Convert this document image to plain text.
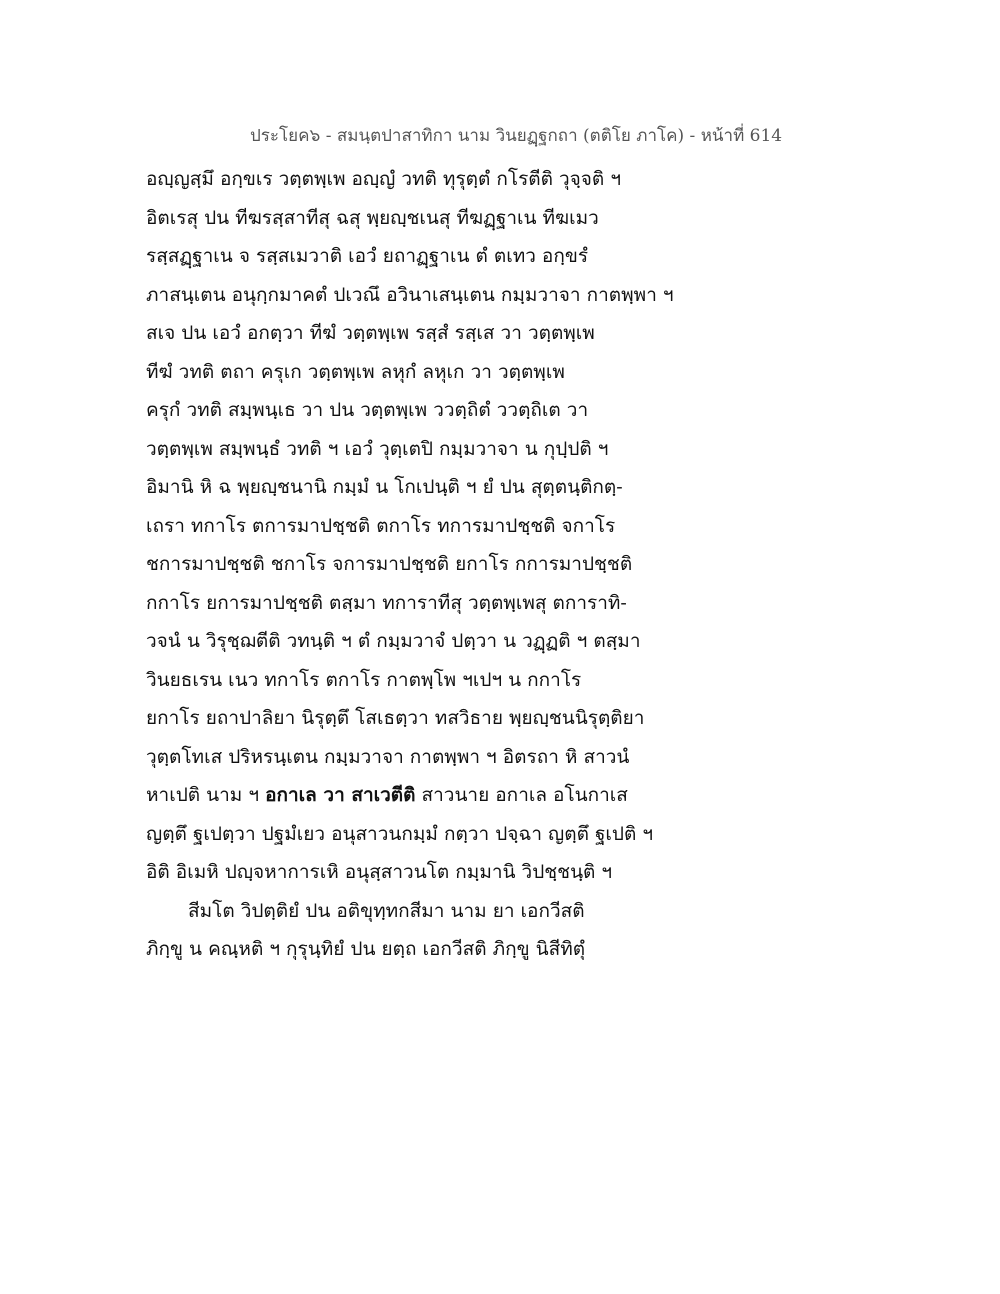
ประโยค๖ - สมนฺตปาสาทิกา นาม วินยฏฺฐกถา (ตติโย ภาโค) - หน้าที่ 614
อญฺญสฺมึ อกฺขเร วตฺตพฺเพ อญฺญํ วทติ ทุรุตฺตํ กโรตีติ วุจฺจติ ฯ
อิตเรสุ ปน ทีฆรสฺสาทีสุ ฉสุ พฺยญฺชเนสุ ทีฆฏฺฐาเน ทีฆเมว
รสฺสฏฺฐาเน จ รสฺสเมวาติ เอวํ ยถาฏฺฐาเน ตํ ตเทว อกฺขรํ
ภาสนฺเตน อนุกฺกมาคตํ ปเวณึ อวินาเสนฺเตน กมฺมวาจา กาตพฺพา ฯ
สเจ ปน เอวํ อกตฺวา ทีฆํ วตฺตพฺเพ รสฺสํ รสฺเส วา วตฺตพฺเพ
ทีฆํ วทติ ตถา ครุเก วตฺตพฺเพ ลหุกํ ลหุเก วา วตฺตพฺเพ
ครุกํ วทติ สมฺพนฺเธ วา ปน วตฺตพฺเพ ววตฺถิตํ ววตฺถิเต วา
วตฺตพฺเพ สมฺพนฺธํ วทติ ฯ เอวํ วุตฺเตปิ กมฺมวาจา น กุปฺปติ ฯ
อิมานิ หิ ฉ พฺยญฺชนานิ กมฺมํ น โกเปนฺติ ฯ ยํ ปน สุตฺตนฺติกตฺ-
เถรา ทกาโร ตการมาปชฺชติ ตกาโร ทการมาปชฺชติ จกาโร
ชการมาปชฺชติ ชกาโร จการมาปชฺชติ ยกาโร กการมาปชฺชติ
กกาโร ยการมาปชฺชติ ตสฺมา ทการาทีสุ วตฺตพฺเพสุ ตการาทิ-
วจนํ น วิรุชฺฌตีติ วทนฺติ ฯ ตํ กมฺมวาจํ ปตฺวา น วฏฺฏติ ฯ ตสฺมา
วินยธเรน เนว ทกาโร ตกาโร กาตพฺโพ ฯเปฯ น กกาโร
ยกาโร ยถาปาลิยา นิรุตฺตึ โสเธตฺวา ทสวิธาย พฺยญฺชนนิรุตฺติยา
วุตฺตโทเส ปริหรนฺเตน กมฺมวาจา กาตพฺพา ฯ อิตรถา หิ สาวนํ
หาเปติ นาม ฯ อกาเล วา สาเวตีติ สาวนาย อกาเล อโนกาเส
ญตฺตึ ฐเปตฺวา ปฐมํเยว อนุสาวนกมฺมํ กตฺวา ปจฺฉา ญตฺตึ ฐเปติ ฯ
อิติ อิเมหิ ปญฺจหาการเหิ อนุสฺสาวนโต กมฺมานิ วิปชฺชนฺติ ฯ
สีมโต วิปตฺติยํ ปน อติขุทฺทกสีมา นาม ยา เอกวีสติ
ภิกฺขู น คณฺหติ ฯ กุรุนฺทิยํ ปน ยตฺถ เอกวีสติ ภิกฺขู นิสีทิตุํ
